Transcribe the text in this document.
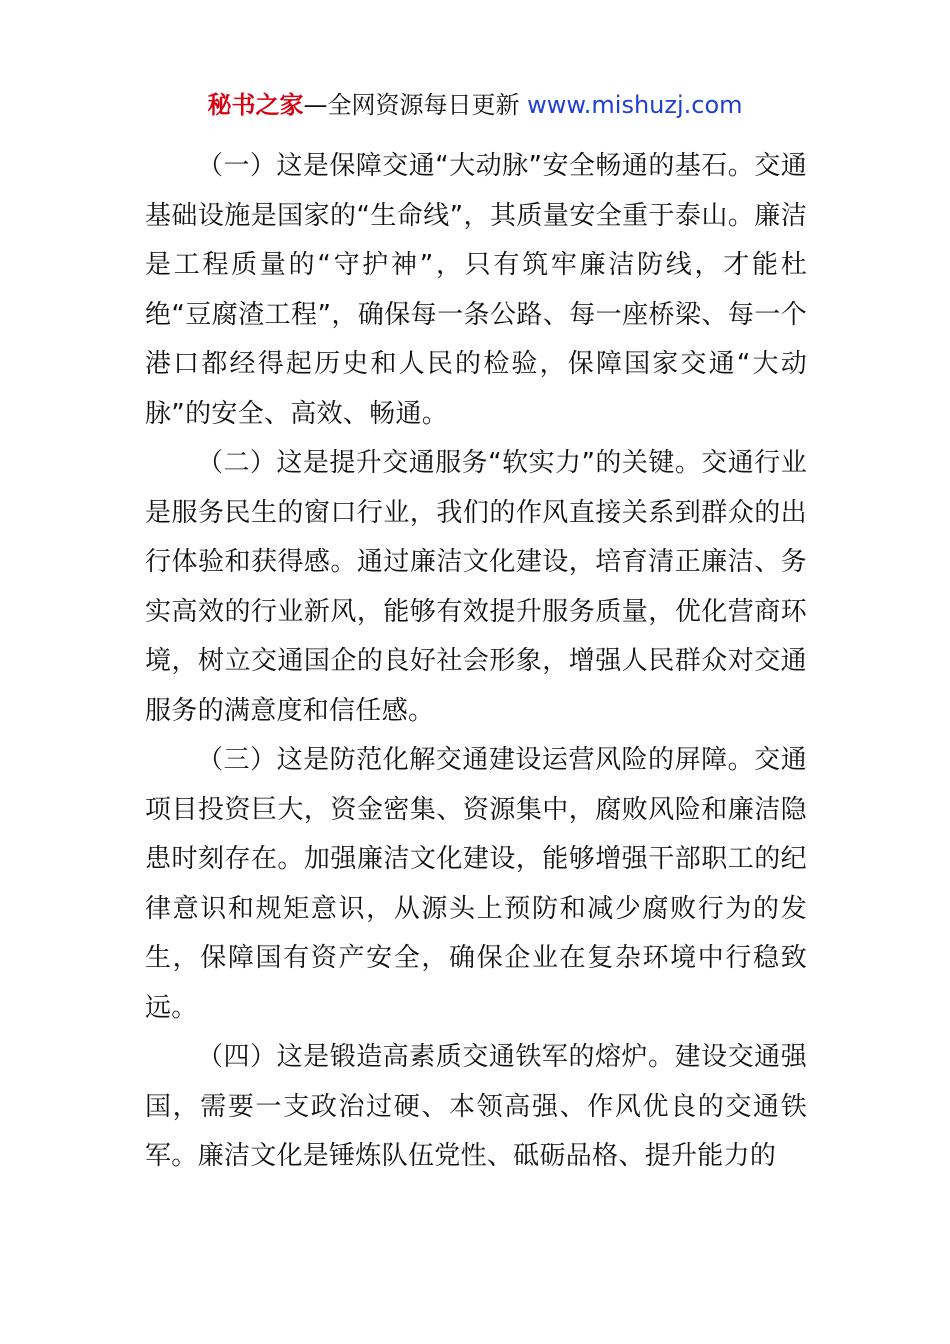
秘书之家—全网资源每日更新 www.mishuzj.com

（一）这是保障交通“大动脉”安全畅通的基石。交通基础设施是国家的“生命线”，其质量安全重于泰山。廉洁是工程质量的“守护神”，只有筑牢廉洁防线，才能杜绝“豆腐渣工程”，确保每一条公路、每一座桥梁、每一个港口都经得起历史和人民的检验，保障国家交通“大动脉”的安全、高效、畅通。

（二）这是提升交通服务“软实力”的关键。交通行业是服务民生的窗口行业，我们的作风直接关系到群众的出行体验和获得感。通过廉洁文化建设，培育清正廉洁、务实高效的行业新风，能够有效提升服务质量，优化营商环境，树立交通国企的良好社会形象，增强人民群众对交通服务的满意度和信任感。

（三）这是防范化解交通建设运营风险的屏障。交通项目投资巨大，资金密集、资源集中，腐败风险和廉洁隐患时刻存在。加强廉洁文化建设，能够增强干部职工的纪律意识和规矩意识，从源头上预防和减少腐败行为的发生，保障国有资产安全，确保企业在复杂环境中行稳致远。

（四）这是锻造高素质交通铁军的熔炉。建设交通强国，需要一支政治过硬、本领高强、作风优良的交通铁军。廉洁文化是锤炼队伍党性、砥砺品格、提升能力的
